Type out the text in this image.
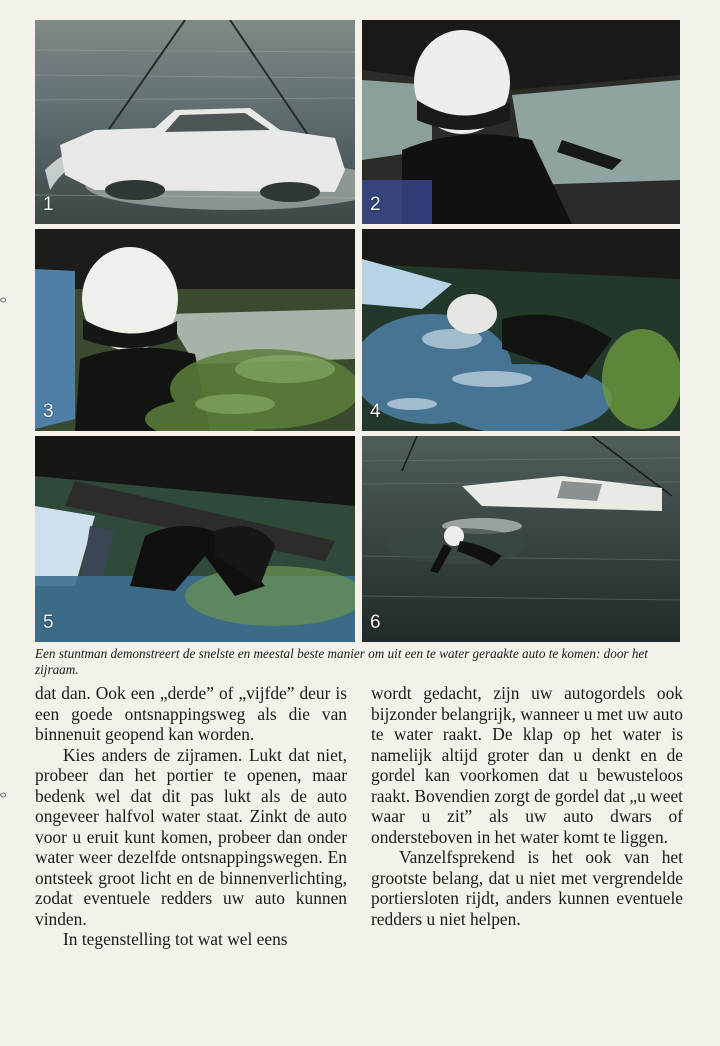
1	2
3	4
5	6
Een stuntman demonstreert de snelste en meestal beste manier om uit een te water geraakte auto te komen: door het zijraam.

dat dan. Ook een „derde” of „vijfde” deur is een goede ontsnappingsweg als die van binnenuit geopend kan worden.

Kies anders de zijramen. Lukt dat niet, probeer dan het portier te openen, maar bedenk wel dat dit pas lukt als de auto ongeveer halfvol water staat. Zinkt de auto voor u eruit kunt komen, probeer dan onder water weer dezelfde ontsnappingswegen. En ontsteek groot licht en de binnenverlichting, zodat eventuele redders uw auto kunnen vinden.

In tegenstelling tot wat wel eens

wordt gedacht, zijn uw autogordels ook bijzonder belangrijk, wanneer u met uw auto te water raakt. De klap op het water is namelijk altijd groter dan u denkt en de gordel kan voorkomen dat u bewusteloos raakt. Bovendien zorgt de gordel dat „u weet waar u zit” als uw auto dwars of ondersteboven in het water komt te liggen.

Vanzelfsprekend is het ook van het grootste belang, dat u niet met vergrendelde portiersloten rijdt, anders kunnen eventuele redders u niet helpen.
